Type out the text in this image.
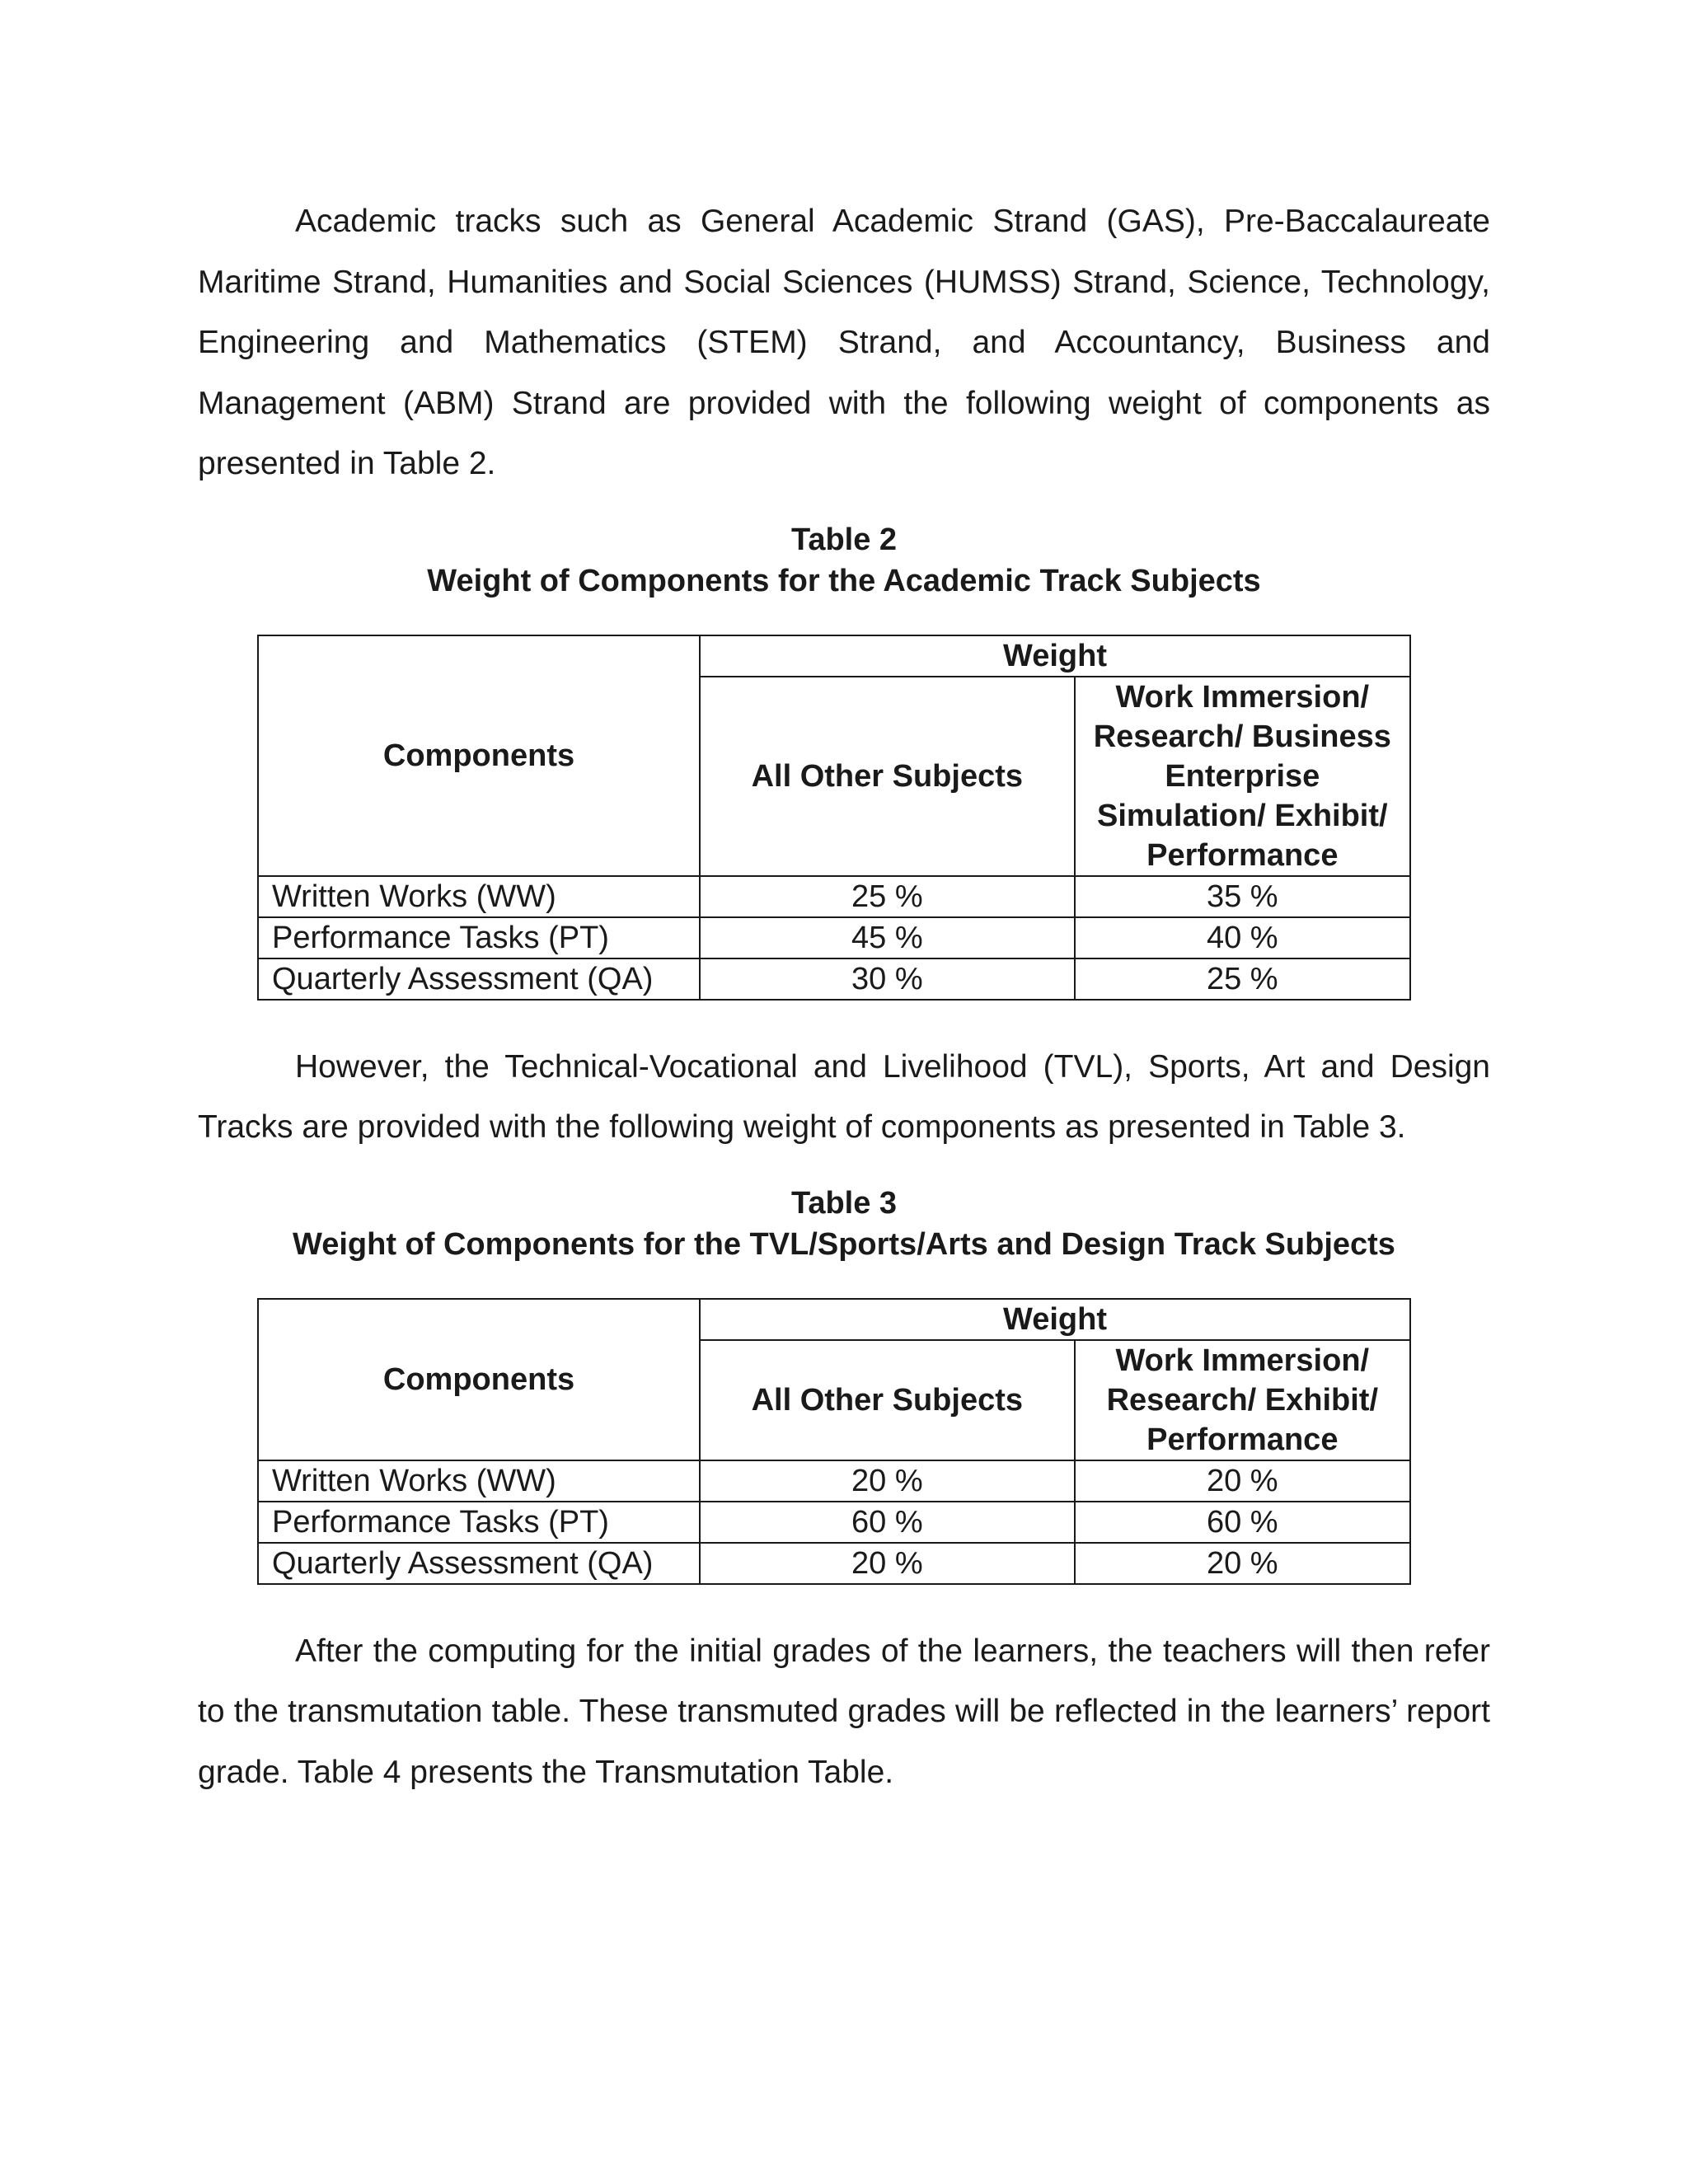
Academic tracks such as General Academic Strand (GAS), Pre-Baccalaureate Maritime Strand, Humanities and Social Sciences (HUMSS) Strand, Science, Technology, Engineering and Mathematics (STEM) Strand, and Accountancy, Business and Management (ABM) Strand are provided with the following weight of components as presented in Table 2.

Table 2
Weight of Components for the Academic Track Subjects
Components	Weight	
	All Other Subjects	Work Immersion/ Research/ Business Enterprise Simulation/ Exhibit/ Performance
Written Works (WW)	25 %	35 %
Performance Tasks (PT)	45 %	40 %
Quarterly Assessment (QA)	30 %	25 %

However, the Technical-Vocational and Livelihood (TVL), Sports, Art and Design Tracks are provided with the following weight of components as presented in Table 3.

Table 3
Weight of Components for the TVL/Sports/Arts and Design Track Subjects
Components	Weight	
	All Other Subjects	Work Immersion/ Research/ Exhibit/ Performance
Written Works (WW)	20 %	20 %
Performance Tasks (PT)	60 %	60 %
Quarterly Assessment (QA)	20 %	20 %

After the computing for the initial grades of the learners, the teachers will then refer to the transmutation table. These transmuted grades will be reflected in the learners’ report grade. Table 4 presents the Transmutation Table.
